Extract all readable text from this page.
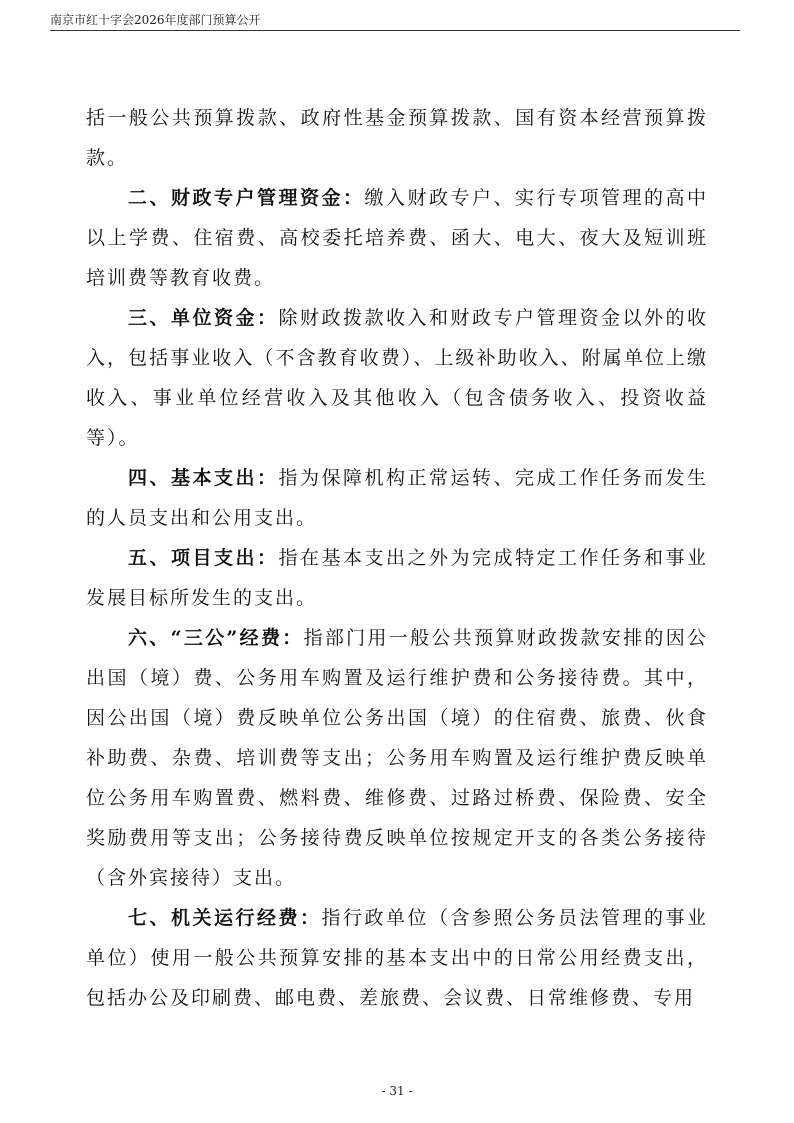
南京市红十字会2026年度部门预算公开

括一般公共预算拨款、政府性基金预算拨款、国有资本经营预算拨款。

二、财政专户管理资金：缴入财政专户、实行专项管理的高中以上学费、住宿费、高校委托培养费、函大、电大、夜大及短训班培训费等教育收费。

三、单位资金：除财政拨款收入和财政专户管理资金以外的收入，包括事业收入（不含教育收费）、上级补助收入、附属单位上缴收入、事业单位经营收入及其他收入（包含债务收入、投资收益等）。

四、基本支出：指为保障机构正常运转、完成工作任务而发生的人员支出和公用支出。

五、项目支出：指在基本支出之外为完成特定工作任务和事业发展目标所发生的支出。

六、“三公”经费：指部门用一般公共预算财政拨款安排的因公出国（境）费、公务用车购置及运行维护费和公务接待费。其中，因公出国（境）费反映单位公务出国（境）的住宿费、旅费、伙食补助费、杂费、培训费等支出；公务用车购置及运行维护费反映单位公务用车购置费、燃料费、维修费、过路过桥费、保险费、安全奖励费用等支出；公务接待费反映单位按规定开支的各类公务接待（含外宾接待）支出。

七、机关运行经费：指行政单位（含参照公务员法管理的事业单位）使用一般公共预算安排的基本支出中的日常公用经费支出，包括办公及印刷费、邮电费、差旅费、会议费、日常维修费、专用

- 31 -
